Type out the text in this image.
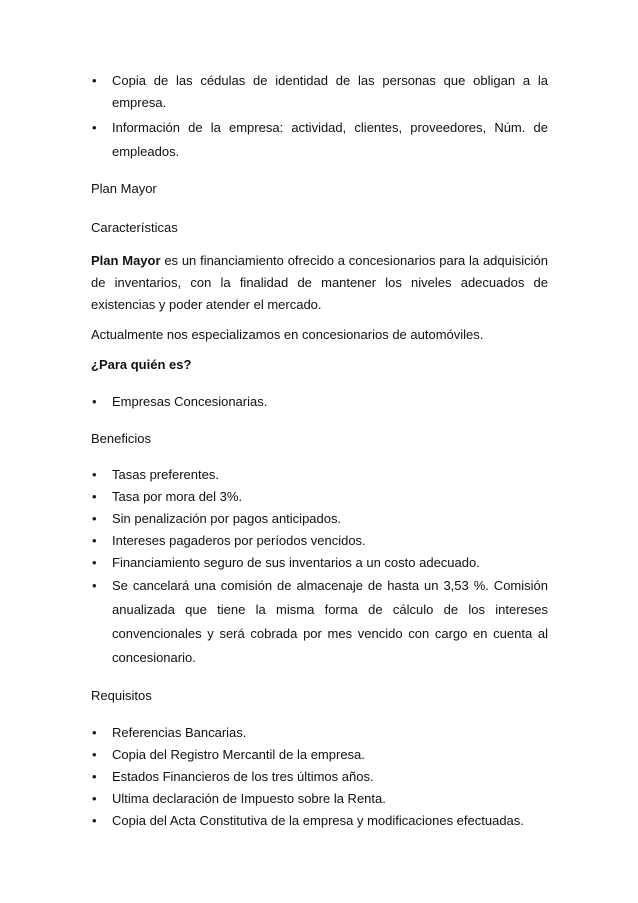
• Copia de las cédulas de identidad de las personas que obligan a la empresa.
• Información de la empresa: actividad, clientes, proveedores, Núm. de empleados.

Plan Mayor

Características

Plan Mayor es un financiamiento ofrecido a concesionarios para la adquisición de inventarios, con la finalidad de mantener los niveles adecuados de existencias y poder atender el mercado.

Actualmente nos especializamos en concesionarios de automóviles.

¿Para quién es?

• Empresas Concesionarias.

Beneficios

• Tasas preferentes.
• Tasa por mora del 3%.
• Sin penalización por pagos anticipados.
• Intereses pagaderos por períodos vencidos.
• Financiamiento seguro de sus inventarios a un costo adecuado.
• Se cancelará una comisión de almacenaje de hasta un 3,53 %. Comisión anualizada que tiene la misma forma de cálculo de los intereses convencionales y será cobrada por mes vencido con cargo en cuenta al concesionario.

Requisitos

• Referencias Bancarias.
• Copia del Registro Mercantil de la empresa.
• Estados Financieros de los tres últimos años.
• Ultima declaración de Impuesto sobre la Renta.
• Copia del Acta Constitutiva de la empresa y modificaciones efectuadas.
